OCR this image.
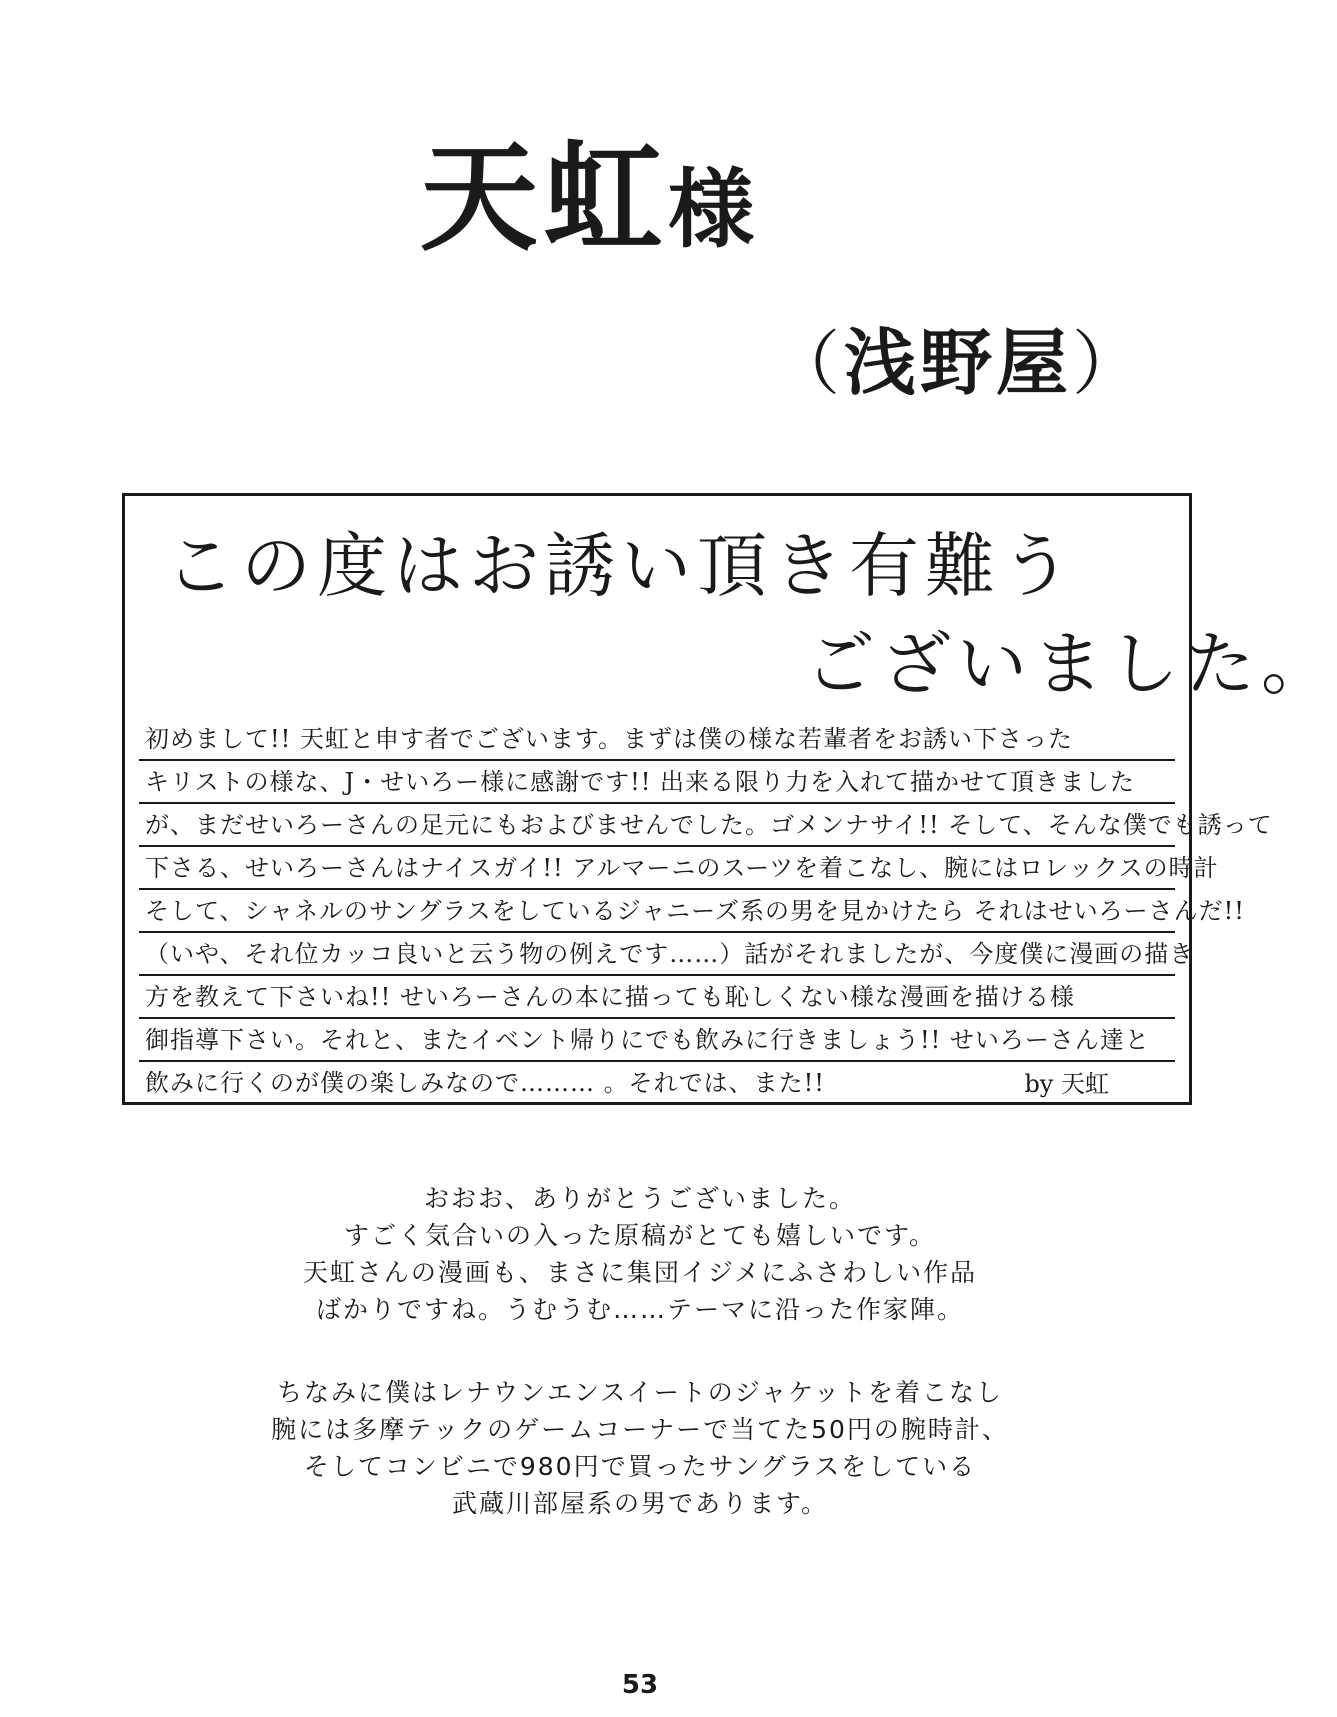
天虹様
（浅野屋）
この度はお誘い頂き有難う
ございました。
初めまして!! 天虹と申す者でございます。まずは僕の様な若輩者をお誘い下さった
キリストの様な、J・せいろー様に感謝です!! 出来る限り力を入れて描かせて頂きました
が、まだせいろーさんの足元にもおよびませんでした。ゴメンナサイ!! そして、そんな僕でも誘って
下さる、せいろーさんはナイスガイ!! アルマーニのスーツを着こなし、腕にはロレックスの時計
そして、シャネルのサングラスをしているジャニーズ系の男を見かけたら それはせいろーさんだ!!
（いや、それ位カッコ良いと云う物の例えです……）話がそれましたが、今度僕に漫画の描き
方を教えて下さいね!! せいろーさんの本に描っても恥しくない様な漫画を描ける様
御指導下さい。それと、またイベント帰りにでも飲みに行きましょう!! せいろーさん達と
飲みに行くのが僕の楽しみなので……… 。それでは、また!!	by 天虹
おおお、ありがとうございました。
すごく気合いの入った原稿がとても嬉しいです。
天虹さんの漫画も、まさに集団イジメにふさわしい作品
ばかりですね。うむうむ……テーマに沿った作家陣。
ちなみに僕はレナウンエンスイートのジャケットを着こなし
腕には多摩テックのゲームコーナーで当てた50円の腕時計、
そしてコンビニで980円で買ったサングラスをしている
武蔵川部屋系の男であります。
53
